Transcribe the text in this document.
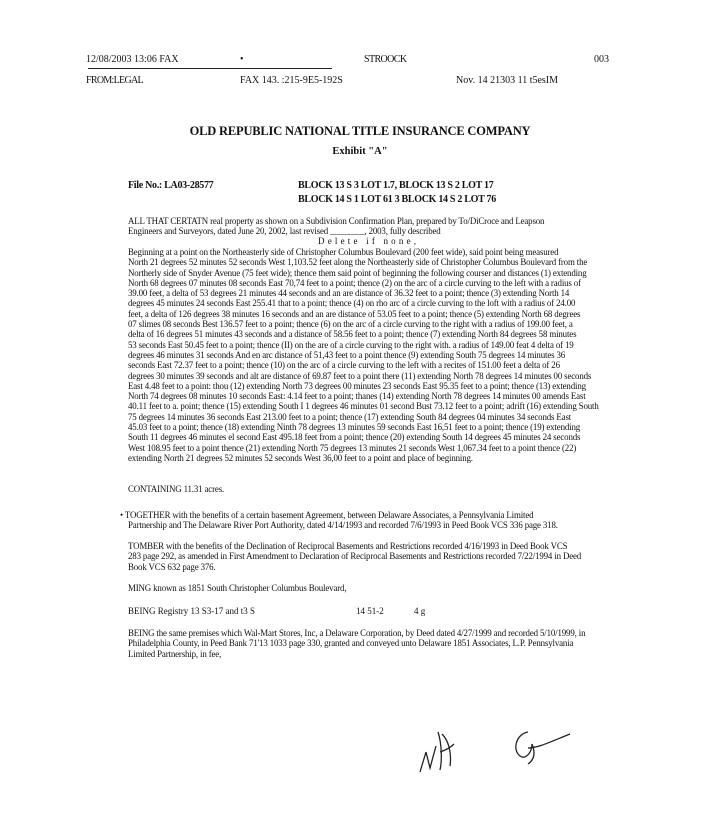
12/08/2003 13:06 FAX	•	STROOCK	003
FROM:LEGAL	FAX 143. :215-9E5-192S	Nov. 14 21303 11 t5esIM
OLD REPUBLIC NATIONAL TITLE INSURANCE COMPANY
Exhibit "A"
File No.: LA03-28577	BLOCK 13 S 3 LOT 1.7, BLOCK 13 S 2 LOT 17
BLOCK 14 S 1 LOT 61 3 BLOCK 14 S 2 LOT 76

ALL THAT CERTATN real property as shown on a Subdivision Confirmation Plan, prepared by To/DiCroce and Leapson

Engineers and Surveyors, dated June 20, 2002, last revised ________, 2003, fully described

Delete if none,

Beginning at a point on the Northeasterly side of Christopher Columbus Boulevard (200 feet wide), said point being measured

North 21 degrees 52 minutes 52 seconds West 1,103.52 feet along the Northeasterly side of Christopher Columbus Boulevard from the

Northerly side of Snyder Avenue (75 feet wide); thence them said point of beginning the following courser and distances (1) extending

North 68 degrees 07 minutes 08 seconds East 70,74 feet to a point; thence (2) on the arc of a circle curving to the left with a radius of

39.00 feet, a delta of 53 degrees 21 minutes 44 seconds and an are distance of 36.32 feet to a point; thence (3) extending North 14

degrees 45 minutes 24 seconds East 255.41 that to a point; thence (4) on rho arc of a circle curving to the loft with a radius of 24.00

feet, a delta of 126 degrees 38 minutes 16 seconds and an are distance of 53.05 feet to a point; thence (5) extending North 68 degrees

07 slimes 08 seconds Best 136.57 feet to a point; thence (6) on the arc of a circle curving to the right with a radius of 199.00 feet, a

delta of 16 degrees 51 minutes 43 seconds and a distance of 58.56 feet to a point; thence (7) extending North 84 degrees 58 minutes

53 seconds East 50.45 feet to a point; thence (II) on the are of a circle curving to the right with. a radius of 149.00 feat 4 delta of 19

degrees 46 minutes 31 seconds And en arc distance of 51,43 feet to a point thence (9) extending South 75 degrees 14 minutes 36

seconds East 72.37 feet to a point; thence (10) on the arc of a circle curving to the left with a recites of 151.00 feet a delta of 26

degrees 30 minutes 39 seconds and alt are distance of 69.87 feet to a point there (11) extending North 78 degrees 14 minutes 00 seconds

East 4.48 feet to a point: thou (12) extending North 73 degrees 00 minutes 23 seconds East 95.35 feet to a point; thence (13) extending

North 74 degrees 08 minutes 10 seconds East: 4.14 feet to a point; thanes (14) extending North 78 degrees 14 minutes 00 amends East

40.11 feet to a. point; thence (15) extending South I 1 degrees 46 minutes 01 second Bust 73.12 feet to a point; adrift (16) extending South

75 degrees 14 minutes 36 seconds East 213.00 feet to a point; thence (17) extending South 84 degrees 04 minutes 34 seconds East

45.03 feet to a point; thence (18) extending Ninth 78 degrees 13 minutes 59 seconds East 16,51 feet to a point; thence (19) extending

South 11 degrees 46 minutes el second East 495.18 feet from a point; thence (20) extending South 14 degrees 45 minutes 24 seconds

West 108.95 feet to a point thence (21) extending North 75 degrees 13 minutes 21 seconds West 1,067.34 feet to a point thence (22)

extending North 21 degrees 52 minutes 52 seconds West 36,00 feet to a point and place of beginning.

CONTAINING 11.31 acres.

• TOGETHER with the benefits of a certain basement Agreement, between Delaware Associates, a Pennsylvania Limited

Partnership and The Delaware River Port Authority, dated 4/14/1993 and recorded 7/6/1993 in Peed Book VCS 336 page 318.

TOMBER with the benefits of the Declination of Reciprocal Basements and Restrictions recorded 4/16/1993 in Deed Book VCS

283 page 292, as amended in First Amendment to Declaration of Reciprocal Basements and Restrictions recorded 7/22/1994 in Deed

Book VCS 632 page 376.

MING known as 1851 South Christopher Columbus Boulevard,

BEING Registry 13 S3-17 and t3 S	14 51-2	4 g

BEING the same premises which Wal-Mart Stores, Inc, a Delaware Corporation, by Deed dated 4/27/1999 and recorded 5/10/1999, in

Philadelphia County, in Peed Bank 71'13 1033 page 330, granted and conveyed unto Delaware 1851 Associates, L.P. Pennsylvania

Limited Partnership, in fee,
